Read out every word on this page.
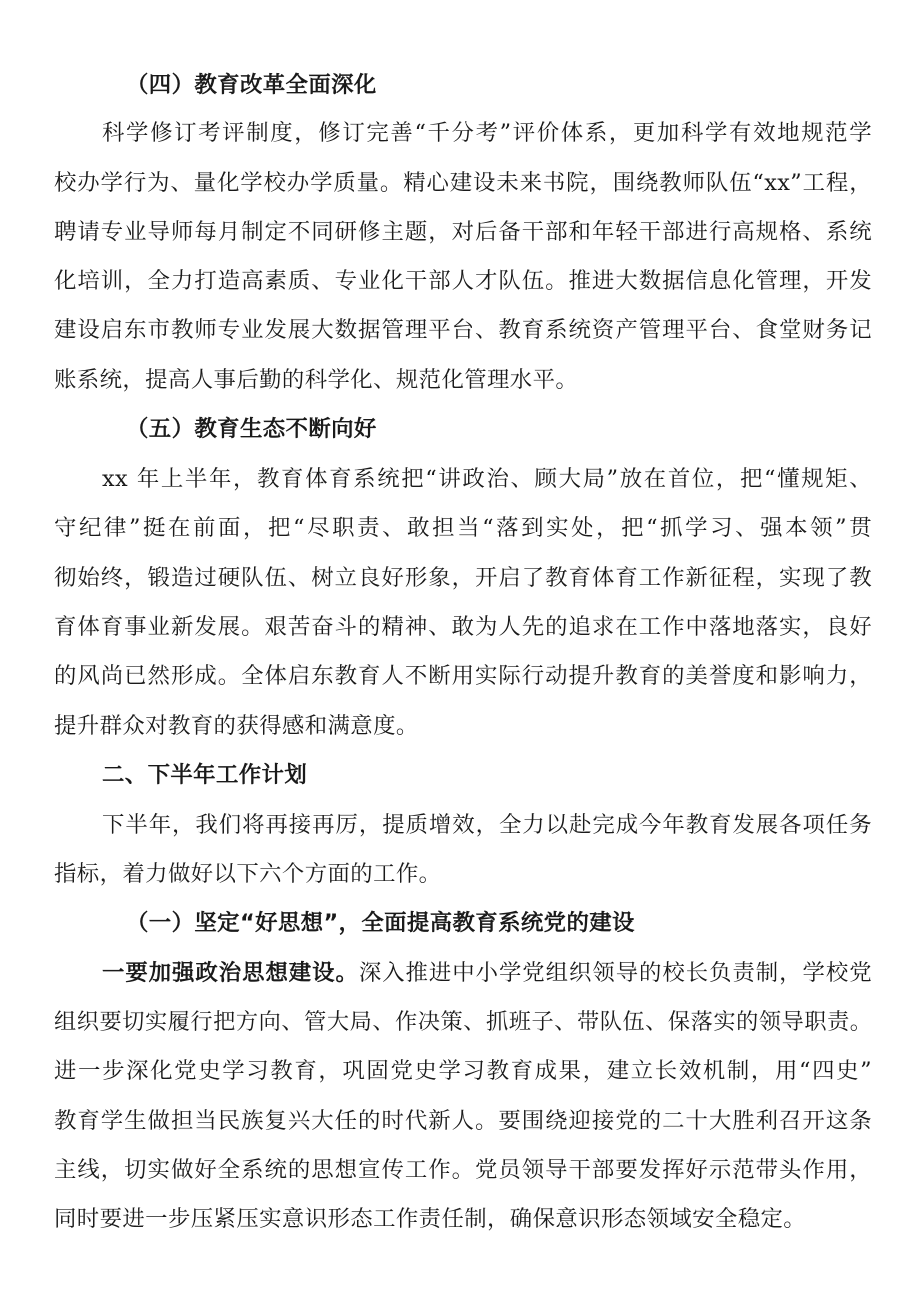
（四）教育改革全面深化
科学修订考评制度，修订完善“千分考”评价体系，更加科学有效地规范学
校办学行为、量化学校办学质量。精心建设未来书院，围绕教师队伍“xx”工程，
聘请专业导师每月制定不同研修主题，对后备干部和年轻干部进行高规格、系统
化培训，全力打造高素质、专业化干部人才队伍。推进大数据信息化管理，开发
建设启东市教师专业发展大数据管理平台、教育系统资产管理平台、食堂财务记
账系统，提高人事后勤的科学化、规范化管理水平。
（五）教育生态不断向好
xx 年上半年，教育体育系统把“讲政治、顾大局”放在首位，把“懂规矩、
守纪律”挺在前面，把“尽职责、敢担当“落到实处，把“抓学习、强本领”贯
彻始终，锻造过硬队伍、树立良好形象，开启了教育体育工作新征程，实现了教
育体育事业新发展。艰苦奋斗的精神、敢为人先的追求在工作中落地落实，良好
的风尚已然形成。全体启东教育人不断用实际行动提升教育的美誉度和影响力，
提升群众对教育的获得感和满意度。
二、下半年工作计划
下半年，我们将再接再厉，提质增效，全力以赴完成今年教育发展各项任务
指标，着力做好以下六个方面的工作。
（一）坚定“好思想”，全面提高教育系统党的建设
一要加强政治思想建设。深入推进中小学党组织领导的校长负责制，学校党
组织要切实履行把方向、管大局、作决策、抓班子、带队伍、保落实的领导职责。
进一步深化党史学习教育，巩固党史学习教育成果，建立长效机制，用“四史”
教育学生做担当民族复兴大任的时代新人。要围绕迎接党的二十大胜利召开这条
主线，切实做好全系统的思想宣传工作。党员领导干部要发挥好示范带头作用，
同时要进一步压紧压实意识形态工作责任制，确保意识形态领域安全稳定。
